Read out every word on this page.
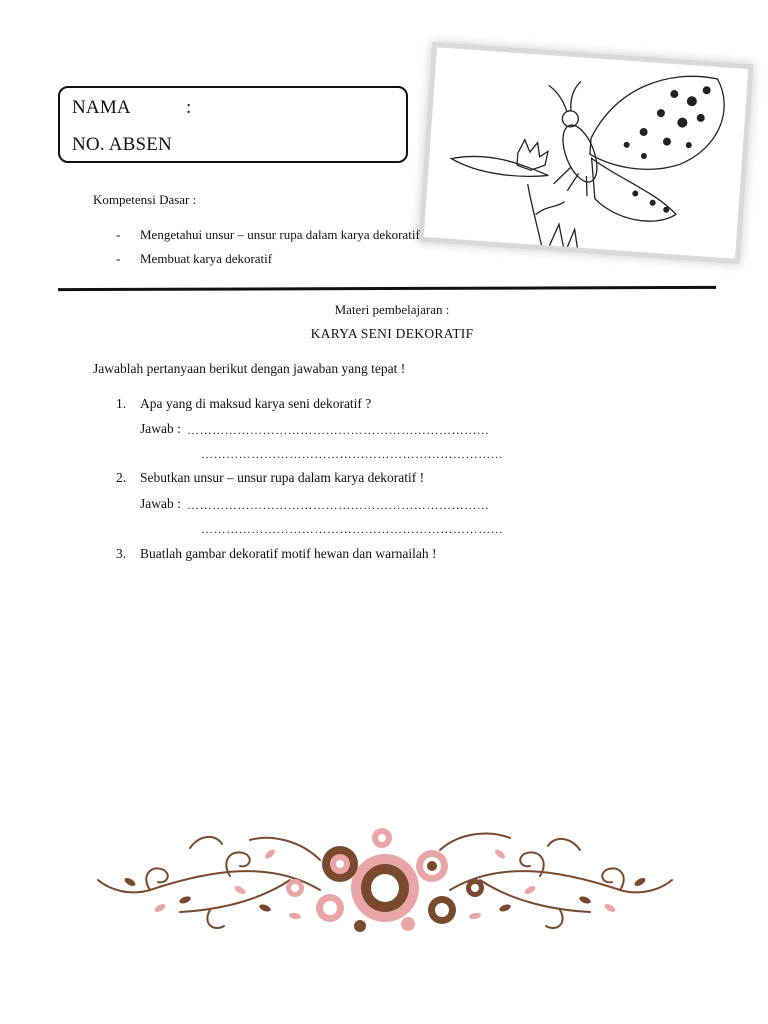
NAMA	:
NO. ABSEN
Kompetensi Dasar :
- Mengetahui unsur – unsur rupa dalam karya dekoratif
- Membuat karya dekoratif
Materi pembelajaran :
KARYA SENI DEKORATIF
Jawablah pertanyaan berikut dengan jawaban yang tepat !
1. Apa yang di maksud karya seni dekoratif ?
Jawab : ………………………………………………………………
………………………………………………………………
2. Sebutkan unsur – unsur rupa dalam karya dekoratif !
Jawab : ………………………………………………………………
………………………………………………………………
3. Buatlah gambar dekoratif motif hewan dan warnailah !
